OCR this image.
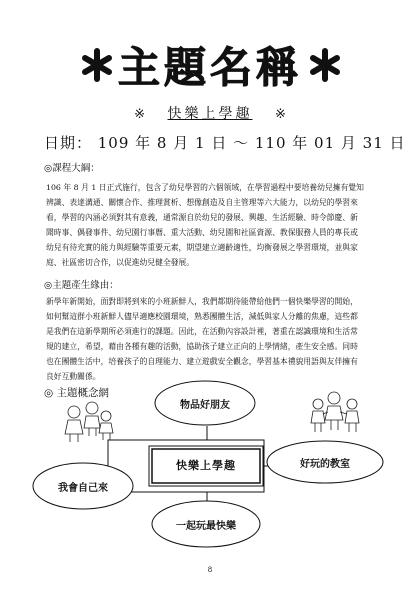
主題名稱
※ 快樂上學趣 ※
日期： 109 年 8 月 1 日 ～ 110 年 01 月 31 日
◎課程大綱：
106 年 8 月 1 日正式施行，包含了幼兒學習的六個領域，在學習過程中要培養幼兒擁有覺知
辨識、表達溝通、關懷合作、推理賞析、想像創造及自主管理等六大能力，以幼兒的學習來
看，學習的內涵必須對其有意義，通常源自於幼兒的發展、興趣、生活經驗、時令節慶、新
聞時事、偶發事件、幼兒園行事曆、重大活動、幼兒園和社區資源、教保服務人員的專長或
幼兒有待充實的能力與經驗等重要元素，期望建立適齡適性，均衡發展之學習環境，並與家
庭、社區密切合作，以促進幼兒健全發展。
◎主題產生緣由：
新學年新開始，面對即將到來的小班新鮮人，我們都期待能帶給他們一個快樂學習的開始，
如何幫這群小班新鮮人儘早適應校園環境，熟悉團體生活，減低與家人分離的焦慮，這些都
是我們在這新學期所必須進行的課題。因此，在活動內容設計裡，著重在認識環境和生活常
規的建立，希望，藉由各種有趣的活動，協助孩子建立正向的上學情緒，產生安全感。同時
也在團體生活中，培養孩子的自理能力、建立遊戲安全觀念，學習基本禮貌用語與友伴擁有
良好互動關係。
◎ 主題概念網
物品好朋友
好玩的教室
我會自己來
一起玩最快樂
快樂上學趣
8
